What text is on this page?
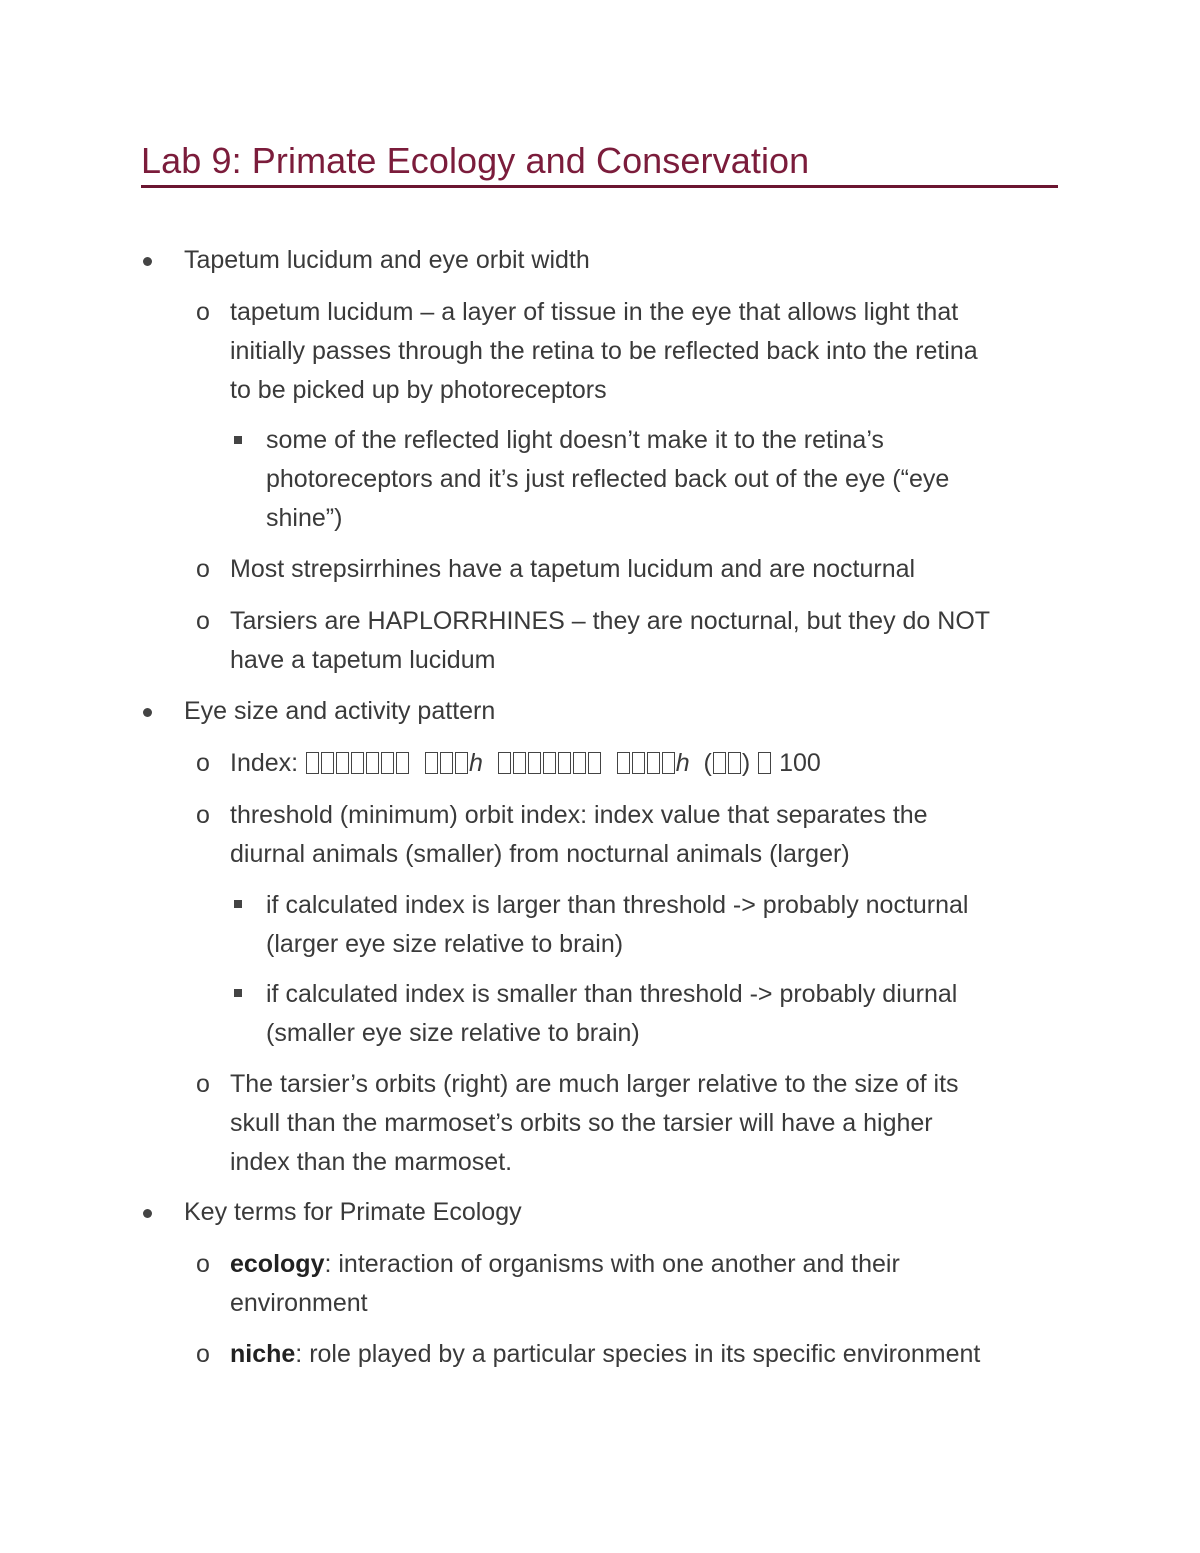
Lab 9: Primate Ecology and Conservation
Tapetum lucidum and eye orbit width
o tapetum lucidum – a layer of tissue in the eye that allows light that
initially passes through the retina to be reflected back into the retina
to be picked up by photoreceptors
some of the reflected light doesn’t make it to the retina’s
photoreceptors and it’s just reflected back out of the eye (“eye
shine”)
o Most strepsirrhines have a tapetum lucidum and are nocturnal
o Tarsiers are HAPLORRHINES – they are nocturnal, but they do NOT
have a tapetum lucidum
Eye size and activity pattern
o Index:	h	h ( ) 100
o threshold (minimum) orbit index: index value that separates the
diurnal animals (smaller) from nocturnal animals (larger)
if calculated index is larger than threshold -> probably nocturnal
(larger eye size relative to brain)
if calculated index is smaller than threshold -> probably diurnal
(smaller eye size relative to brain)
o The tarsier’s orbits (right) are much larger relative to the size of its
skull than the marmoset’s orbits so the tarsier will have a higher
index than the marmoset.
Key terms for Primate Ecology
o ecology: interaction of organisms with one another and their
environment
o niche: role played by a particular species in its specific environment
